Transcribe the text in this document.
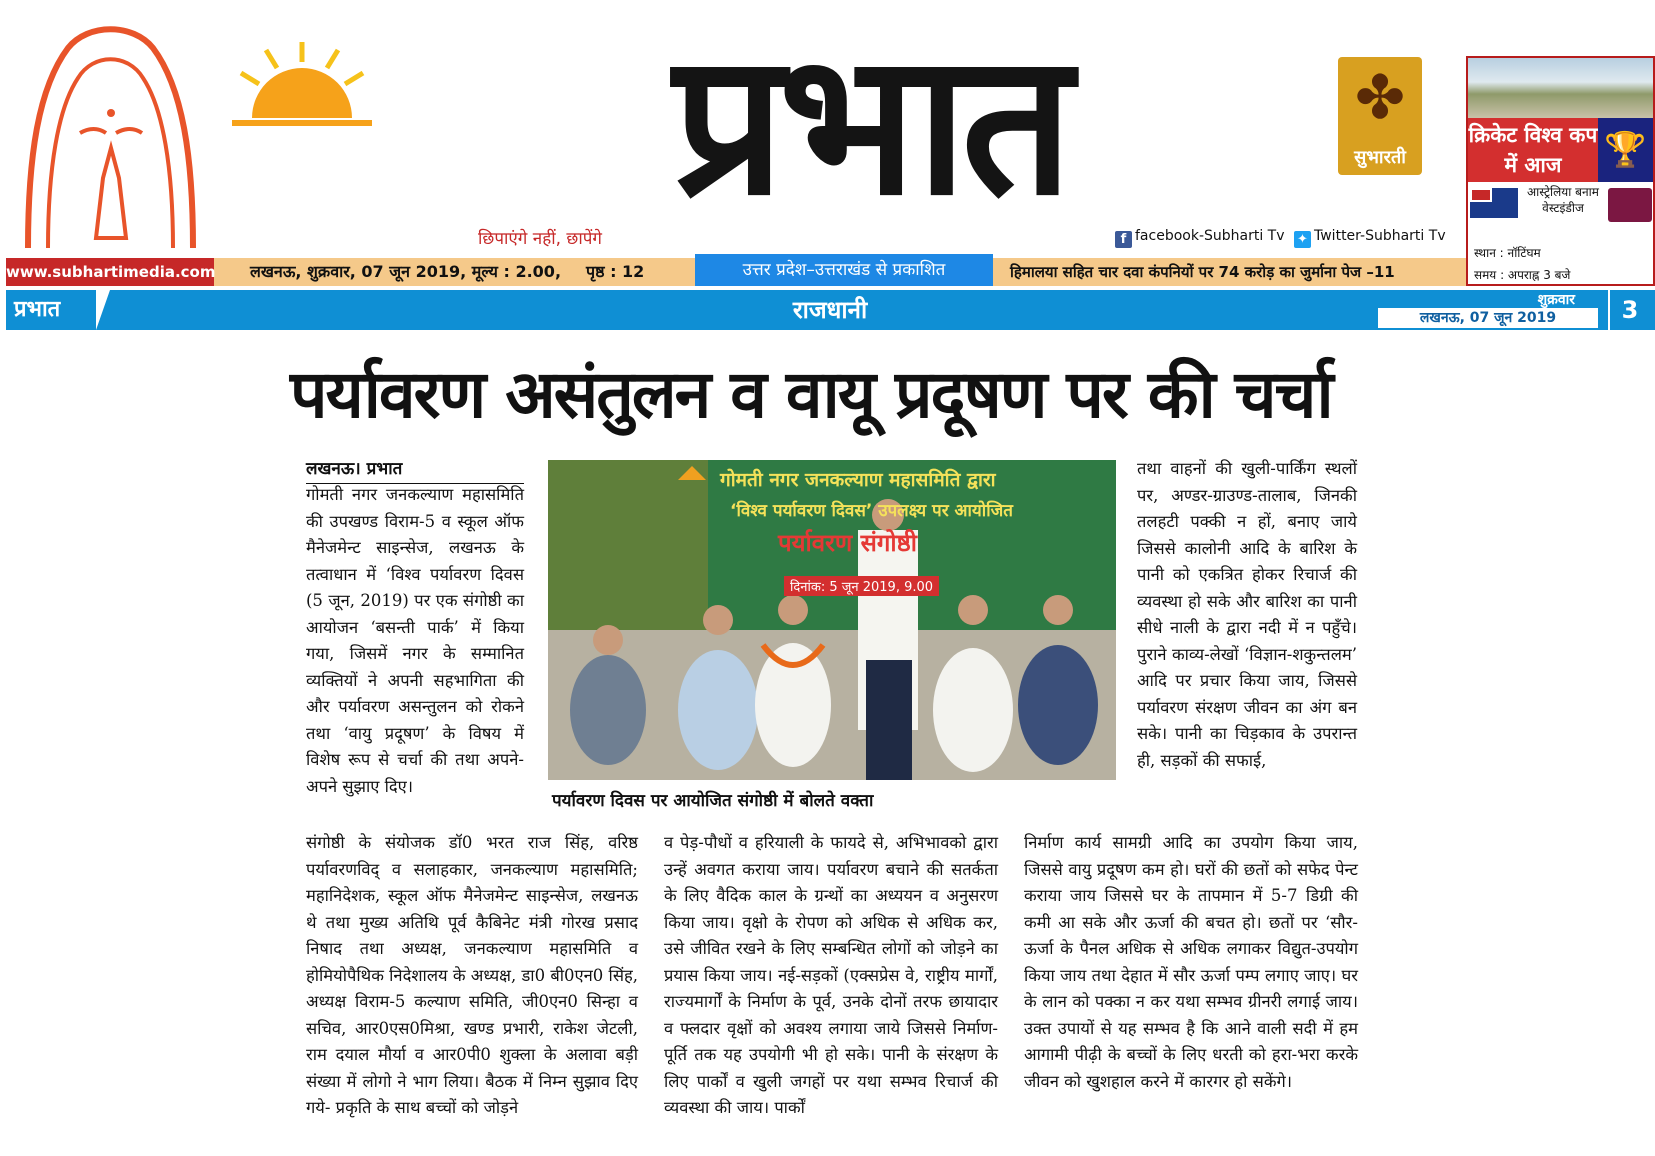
प्रभात
छिपाएंगे नहीं, छापेंगे
✤
सुभारती
f facebook-Subharti Tv ✦ Twitter-Subharti Tv
क्रिकेट विश्व कप में आज	🏆
आस्ट्रेलिया बनाम वेस्टइंडीज
स्थान : नॉटिंघम
समय : अपराह्न 3 बजे
www.subhartimedia.com लखनऊ, शुक्रवार, 07 जून 2019, मूल्य : 2.00, पृष्ठ : 12	उत्तर प्रदेश–उत्तराखंड से प्रकाशित	हिमालया सहित चार दवा कंपनियों पर 74 करोड़ का जुर्माना पेज –11
प्रभात	राजधानी	शुक्रवार
लखनऊ, 07 जून 2019	3
पर्यावरण असंतुलन व वायू प्रदूषण पर की चर्चा
लखनऊ। प्रभात

गोमती नगर जनकल्याण महासमिति की उपखण्ड विराम-5 व स्कूल ऑफ मैनेजमेन्ट साइन्सेज, लखनऊ के तत्वाधान में ‘विश्व पर्यावरण दिवस (5 जून, 2019) पर एक संगोष्ठी का आयोजन ‘बसन्ती पार्क’ में किया गया, जिसमें नगर के सम्मानित व्यक्तियों ने अपनी सहभागिता की और पर्यावरण असन्तुलन को रोकने तथा ‘वायु प्रदूषण’ के विषय में विशेष रूप से चर्चा की तथा अपने-अपने सुझाए दिए।

गोमती नगर जनकल्याण महासमिति द्वारा
‘विश्व पर्यावरण दिवस’ उपलक्ष्य पर आयोजित
पर्यावरण संगोष्ठी
दिनांक: 5 जून 2019, 9.00
पर्यावरण दिवस पर आयोजित संगोष्ठी में बोलते वक्ता

तथा वाहनों की खुली-पार्किंग स्थलों पर, अण्डर-ग्राउण्ड-तालाब, जिनकी तलहटी पक्की न हों, बनाए जाये जिससे कालोनी आदि के बारिश के पानी को एकत्रित होकर रिचार्ज की व्यवस्था हो सके और बारिश का पानी सीधे नाली के द्वारा नदी में न पहुँचे। पुराने काव्य-लेखों ‘विज्ञान-शकुन्तलम’ आदि पर प्रचार किया जाय, जिससे पर्यावरण संरक्षण जीवन का अंग बन सके। पानी का चिड़काव के उपरान्त ही, सड़कों की सफाई,

संगोष्ठी के संयोजक डॉ0 भरत राज सिंह, वरिष्ठ पर्यावरणविद् व सलाहकार, जनकल्याण महासमिति; महानिदेशक, स्कूल ऑफ मैनेजमेन्ट साइन्सेज, लखनऊ थे तथा मुख्य अतिथि पूर्व कैबिनेट मंत्री गोरख प्रसाद निषाद तथा अध्यक्ष, जनकल्याण महासमिति व होमियोपैथिक निदेशालय के अध्यक्ष, डा0 बी0एन0 सिंह, अध्यक्ष विराम-5 कल्याण समिति, जी0एन0 सिन्हा व सचिव, आर0एस0मिश्रा, खण्ड प्रभारी, राकेश जेटली, राम दयाल मौर्या व आर0पी0 शुक्ला के अलावा बड़ी संख्या में लोगो ने भाग लिया। बैठक में निम्न सुझाव दिए गये- प्रकृति के साथ बच्चों को जोड़ने

व पेड़-पौधों व हरियाली के फायदे से, अभिभावको द्वारा उन्हें अवगत कराया जाय। पर्यावरण बचाने की सतर्कता के लिए वैदिक काल के ग्रन्थों का अध्ययन व अनुसरण किया जाय। वृक्षो के रोपण को अधिक से अधिक कर, उसे जीवित रखने के लिए सम्बन्धित लोगों को जोड़ने का प्रयास किया जाय। नई-सड़कों (एक्सप्रेस वे, राष्ट्रीय मार्गों, राज्यमार्गों के निर्माण के पूर्व, उनके दोनों तरफ छायादार व फ्लदार वृक्षों को अवश्य लगाया जाये जिससे निर्माण-पूर्ति तक यह उपयोगी भी हो सके। पानी के संरक्षण के लिए पार्कों व खुली जगहों पर यथा सम्भव रिचार्ज की व्यवस्था की जाय। पार्कों

निर्माण कार्य सामग्री आदि का उपयोग किया जाय, जिससे वायु प्रदूषण कम हो। घरों की छतों को सफेद पेन्ट कराया जाय जिससे घर के तापमान में 5-7 डिग्री की कमी आ सके और ऊर्जा की बचत हो। छतों पर ‘सौर-ऊर्जा के पैनल अधिक से अधिक लगाकर विद्युत-उपयोग किया जाय तथा देहात में सौर ऊर्जा पम्प लगाए जाए। घर के लान को पक्का न कर यथा सम्भव ग्रीनरी लगाई जाय। उक्त उपायों से यह सम्भव है कि आने वाली सदी में हम आगामी पीढ़ी के बच्चों के लिए धरती को हरा-भरा करके जीवन को खुशहाल करने में कारगर हो सकेंगे।
